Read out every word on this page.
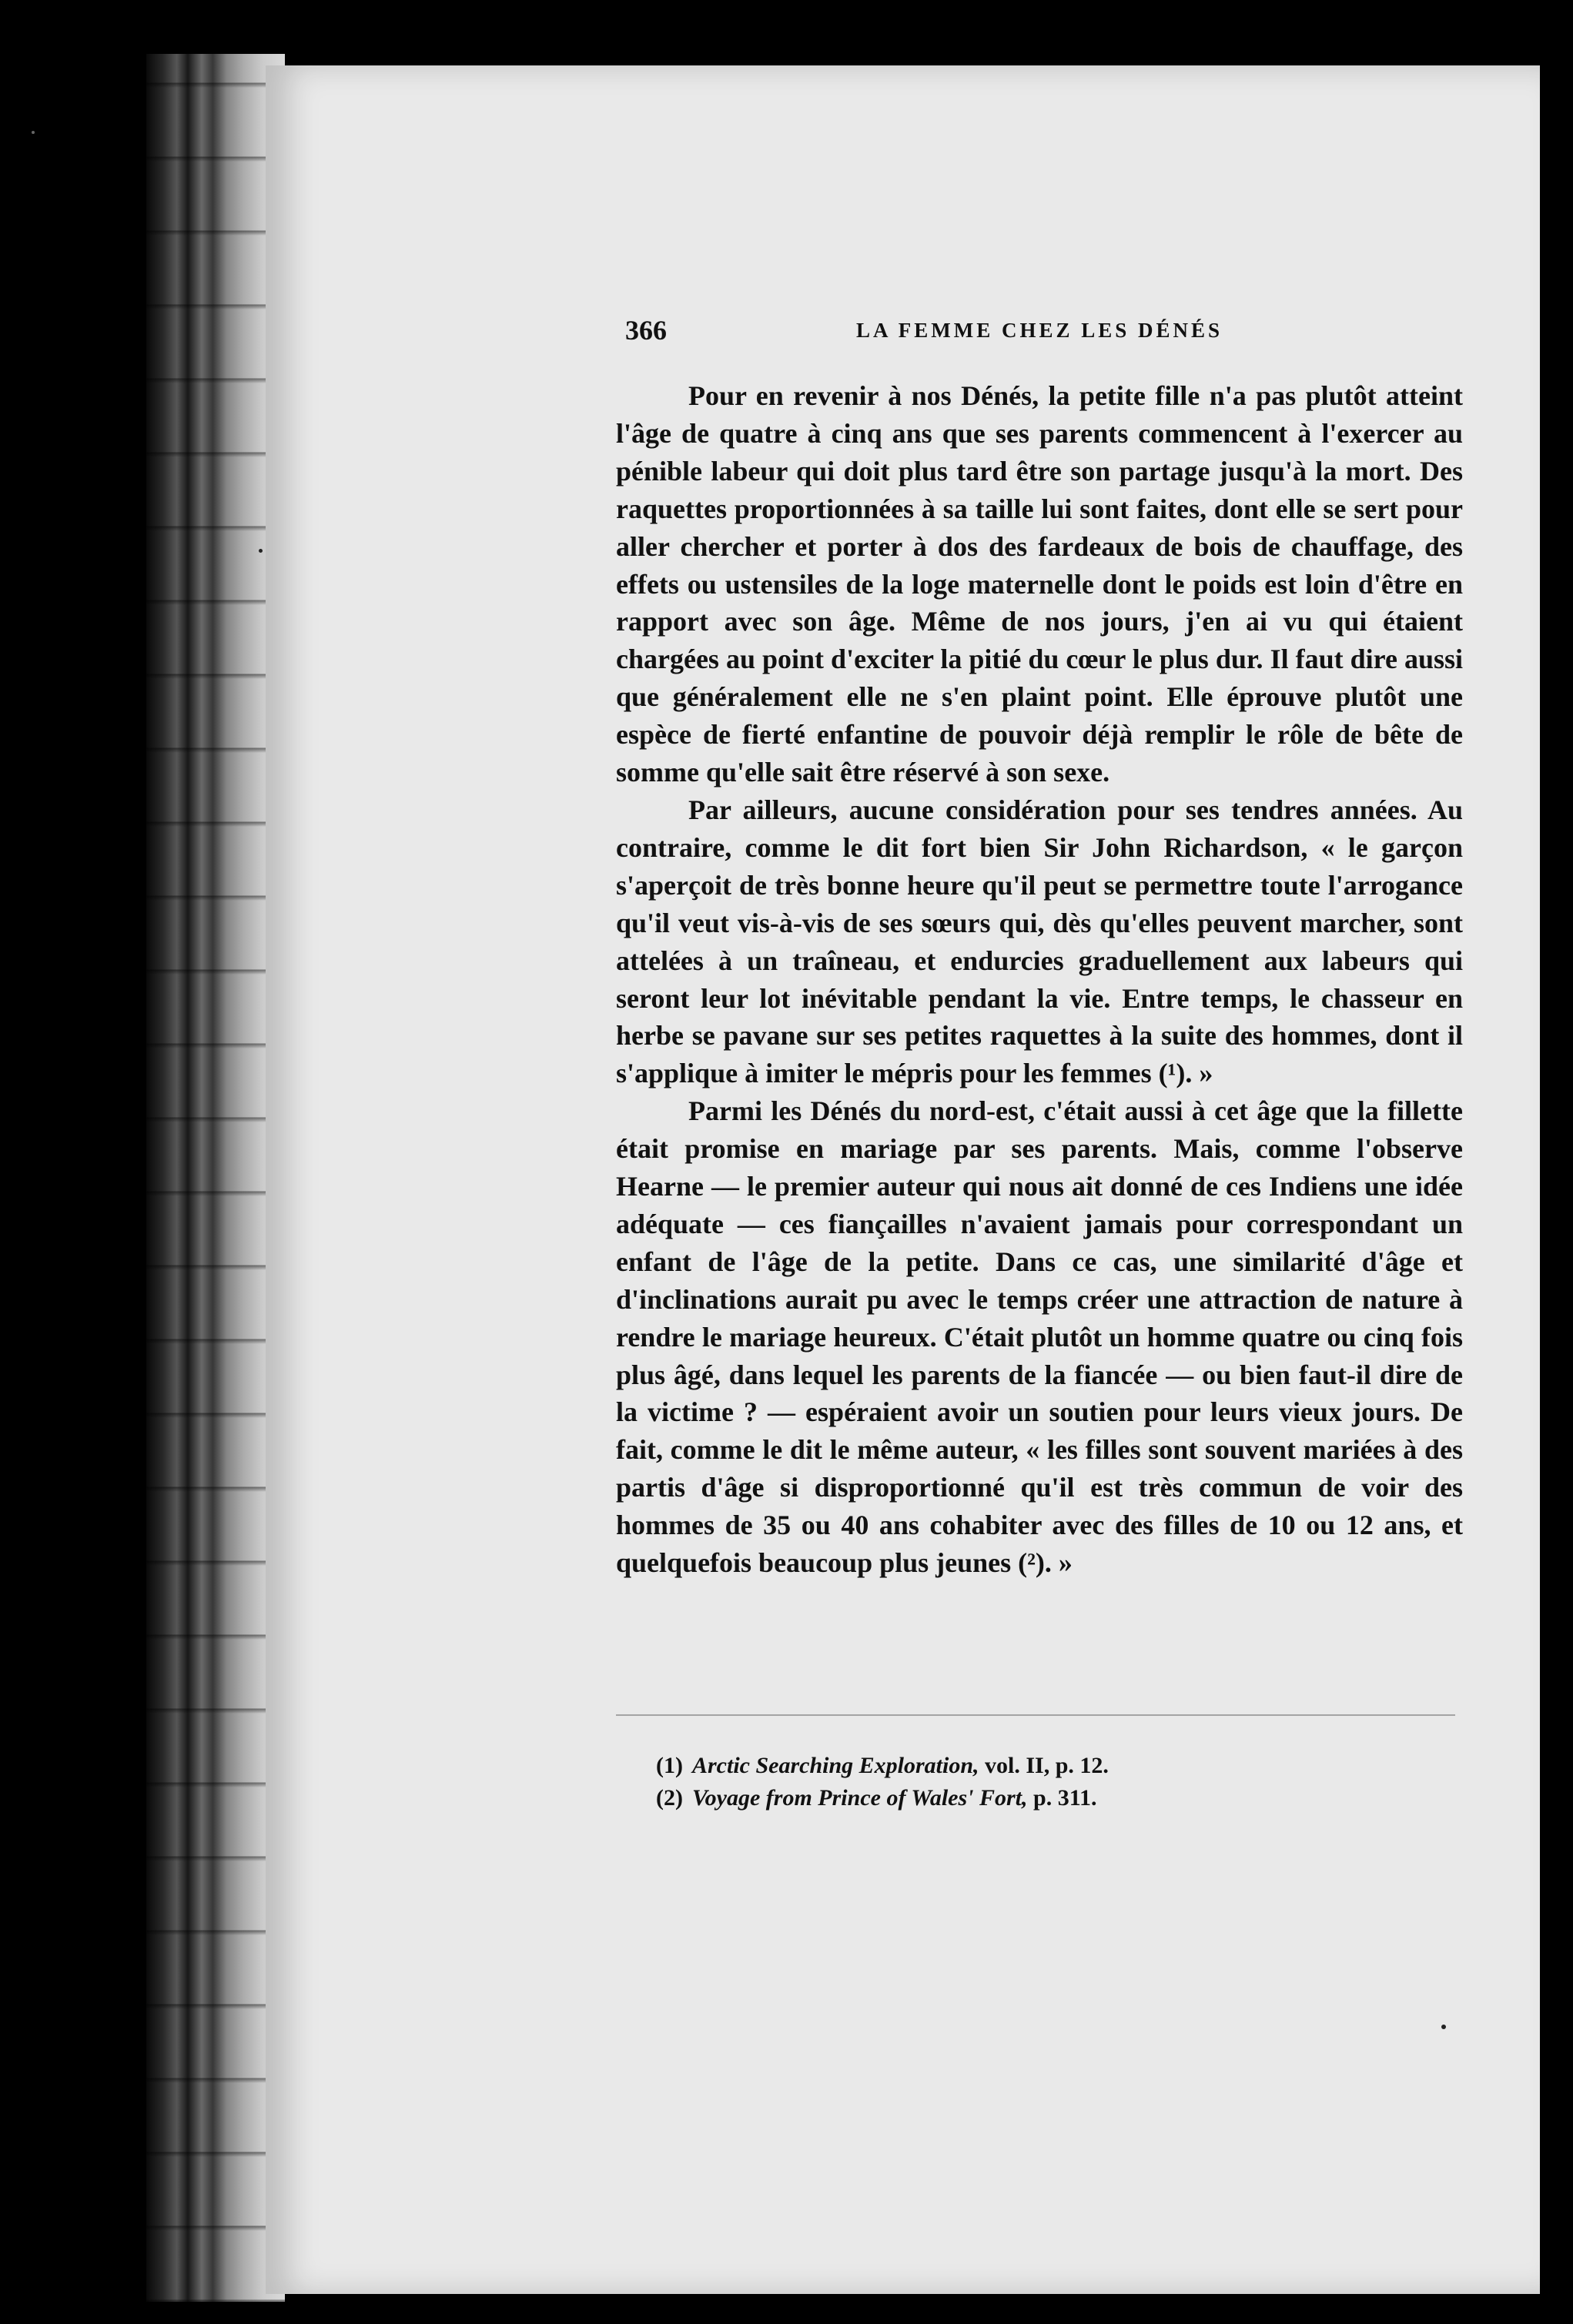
366	LA FEMME CHEZ LES DÉNÉS

Pour en revenir à nos Dénés, la petite fille n'a pas plutôt atteint l'âge de quatre à cinq ans que ses parents commencent à l'exercer au pénible labeur qui doit plus tard être son partage jusqu'à la mort. Des raquettes proportionnées à sa taille lui sont faites, dont elle se sert pour aller chercher et porter à dos des fardeaux de bois de chauffage, des effets ou ustensiles de la loge maternelle dont le poids est loin d'être en rapport avec son âge. Même de nos jours, j'en ai vu qui étaient chargées au point d'exciter la pitié du cœur le plus dur. Il faut dire aussi que généralement elle ne s'en plaint point. Elle éprouve plutôt une espèce de fierté enfantine de pouvoir déjà remplir le rôle de bête de somme qu'elle sait être réservé à son sexe.

Par ailleurs, aucune considération pour ses tendres années. Au contraire, comme le dit fort bien Sir John Richardson, « le garçon s'aperçoit de très bonne heure qu'il peut se permettre toute l'arrogance qu'il veut vis-à-vis de ses sœurs qui, dès qu'elles peuvent marcher, sont attelées à un traîneau, et endurcies graduellement aux labeurs qui seront leur lot inévitable pendant la vie. Entre temps, le chasseur en herbe se pavane sur ses petites raquettes à la suite des hommes, dont il s'applique à imiter le mépris pour les femmes (¹). »

Parmi les Dénés du nord-est, c'était aussi à cet âge que la fillette était promise en mariage par ses parents. Mais, comme l'observe Hearne — le premier auteur qui nous ait donné de ces Indiens une idée adéquate — ces fiançailles n'avaient jamais pour correspondant un enfant de l'âge de la petite. Dans ce cas, une similarité d'âge et d'inclinations aurait pu avec le temps créer une attraction de nature à rendre le mariage heureux. C'était plutôt un homme quatre ou cinq fois plus âgé, dans lequel les parents de la fiancée — ou bien faut-il dire de la victime ? — espéraient avoir un soutien pour leurs vieux jours. De fait, comme le dit le même auteur, « les filles sont souvent mariées à des partis d'âge si disproportionné qu'il est très commun de voir des hommes de 35 ou 40 ans cohabiter avec des filles de 10 ou 12 ans, et quelquefois beaucoup plus jeunes (²). »

(1) Arctic Searching Exploration, vol. II, p. 12.
(2) Voyage from Prince of Wales' Fort, p. 311.
